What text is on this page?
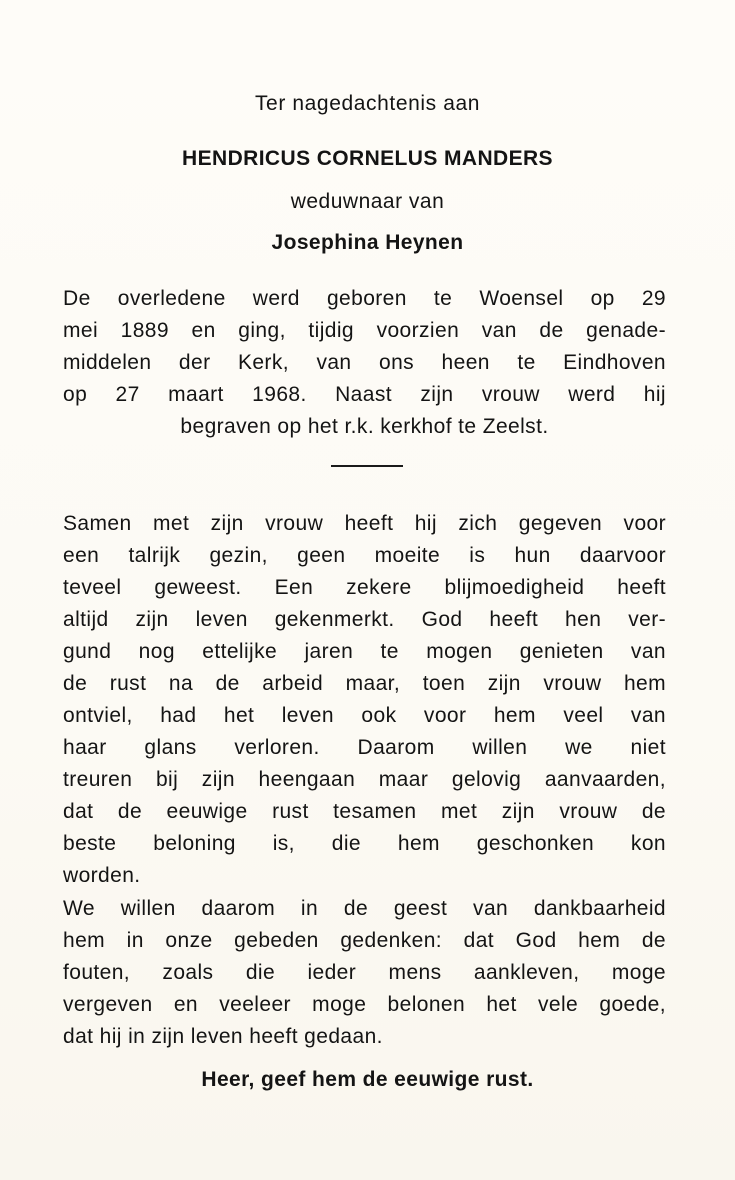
Ter nagedachtenis aan
HENDRICUS CORNELUS MANDERS
weduwnaar van
Josephina Heynen
De overledene werd geboren te Woensel op 29
mei 1889 en ging, tijdig voorzien van de genade-
middelen der Kerk, van ons heen te Eindhoven
op 27 maart 1968. Naast zijn vrouw werd hij
begraven op het r.k. kerkhof te Zeelst.
Samen met zijn vrouw heeft hij zich gegeven voor
een talrijk gezin, geen moeite is hun daarvoor
teveel geweest. Een zekere blijmoedigheid heeft
altijd zijn leven gekenmerkt. God heeft hen ver-
gund nog ettelijke jaren te mogen genieten van
de rust na de arbeid maar, toen zijn vrouw hem
ontviel, had het leven ook voor hem veel van
haar glans verloren. Daarom willen we niet
treuren bij zijn heengaan maar gelovig aanvaarden,
dat de eeuwige rust tesamen met zijn vrouw de
beste beloning is, die hem geschonken kon
worden.
We willen daarom in de geest van dankbaarheid
hem in onze gebeden gedenken: dat God hem de
fouten, zoals die ieder mens aankleven, moge
vergeven en veeleer moge belonen het vele goede,
dat hij in zijn leven heeft gedaan.
Heer, geef hem de eeuwige rust.
